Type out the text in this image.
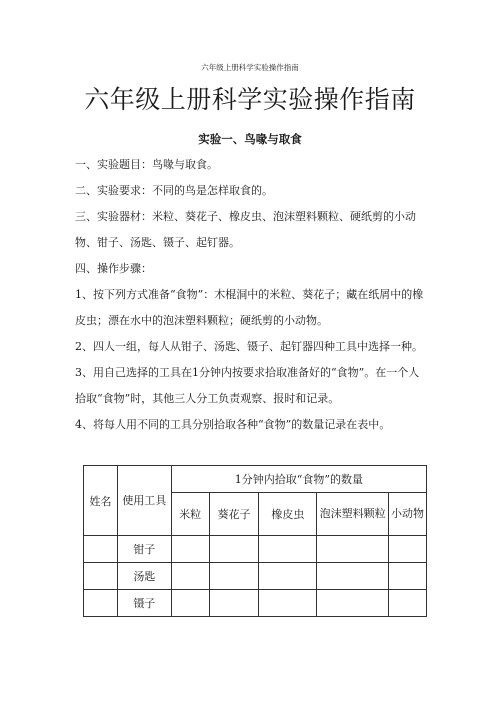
六年级上册科学实验操作指南
六年级上册科学实验操作指南
实验一、鸟喙与取食

一、实验题目：鸟喙与取食。

二、实验要求：不同的鸟是怎样取食的。

三、实验器材：米粒、葵花子、橡皮虫、泡沫塑料颗粒、硬纸剪的小动物、钳子、汤匙、镊子、起钉器。

四、操作步骤：

1、按下列方式准备“食物”：木棍洞中的米粒、葵花子；藏在纸屑中的橡皮虫；漂在水中的泡沫塑料颗粒；硬纸剪的小动物。

2、四人一组，每人从钳子、汤匙、镊子、起钉器四种工具中选择一种。

3、用自己选择的工具在1分钟内按要求拾取准备好的“食物”。在一个人拾取“食物”时，其他三人分工负责观察、报时和记录。

4、将每人用不同的工具分别拾取各种“食物”的数量记录在表中。

姓名	使用工具	1分钟内拾取“食物”的数量				
		米粒	葵花子	橡皮虫	泡沫塑料颗粒	小动物
	钳子					
	汤匙					
	镊子					
